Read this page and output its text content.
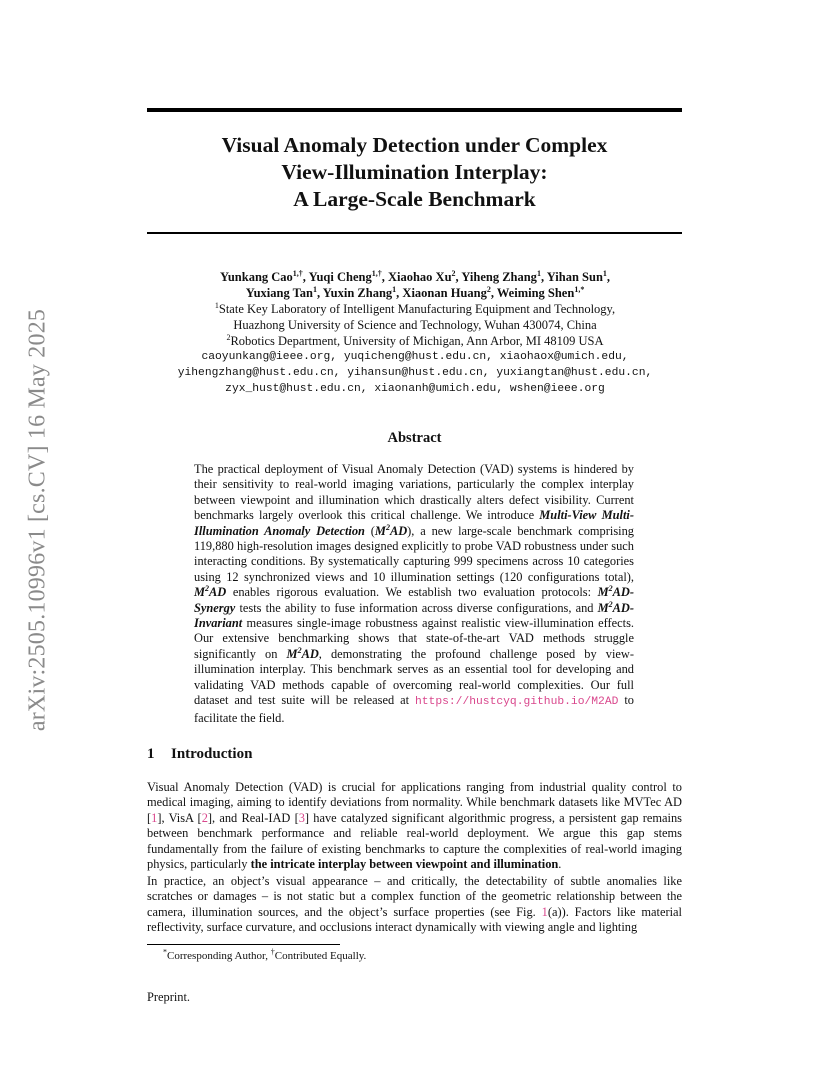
arXiv:2505.10996v1 [cs.CV] 16 May 2025
Visual Anomaly Detection under Complex
View-Illumination Interplay:
A Large-Scale Benchmark
Yunkang Cao$^{1,\dagger}$, Yuqi Cheng$^{1,\dagger}$, Xiaohao Xu$^2$, Yiheng Zhang$^1$, Yihan Sun$^1$,
Yuxiang Tan$^1$, Yuxin Zhang$^1$, Xiaonan Huang$^2$, Weiming Shen$^{1,*}$
$^1$State Key Laboratory of Intelligent Manufacturing Equipment and Technology,
Huazhong University of Science and Technology, Wuhan 430074, China
$^2$Robotics Department, University of Michigan, Ann Arbor, MI 48109 USA
caoyunkang@ieee.org, yuqicheng@hust.edu.cn, xiaohaox@umich.edu,
yihengzhang@hust.edu.cn, yihansun@hust.edu.cn, yuxiangtan@hust.edu.cn,
zyx_hust@hust.edu.cn, xiaonanh@umich.edu, wshen@ieee.org
Abstract
The practical deployment of Visual Anomaly Detection (VAD) systems is hindered by their sensitivity to real-world imaging variations, particularly the complex interplay between viewpoint and illumination which drastically alters defect visibility. Current benchmarks largely overlook this critical challenge. We introduce Multi-View Multi-Illumination Anomaly Detection $(M^2AD)$, a new large-scale benchmark comprising 119,880 high-resolution images designed explicitly to probe VAD robustness under such interacting conditions. By systematically capturing 999 specimens across 10 categories using 12 synchronized views and 10 illumination settings (120 configurations total), $M^2AD$ enables rigorous evaluation. We establish two evaluation protocols: $M^2AD$-Synergy tests the ability to fuse information across diverse configurations, and $M^2AD$-Invariant measures single-image robustness against realistic view-illumination effects. Our extensive benchmarking shows that state-of-the-art VAD methods struggle significantly on $M^2AD$, demonstrating the profound challenge posed by view-illumination interplay. This benchmark serves as an essential tool for developing and validating VAD methods capable of overcoming real-world complexities. Our full dataset and test suite will be released at https://hustcyq.github.io/M2AD to facilitate the field.
1 Introduction
Visual Anomaly Detection (VAD) is crucial for applications ranging from industrial quality control to medical imaging, aiming to identify deviations from normality. While benchmark datasets like MVTec AD [1], VisA [2], and Real-IAD [3] have catalyzed significant algorithmic progress, a persistent gap remains between benchmark performance and reliable real-world deployment. We argue this gap stems fundamentally from the failure of existing benchmarks to capture the complexities of real-world imaging physics, particularly the intricate interplay between viewpoint and illumination.
In practice, an object’s visual appearance – and critically, the detectability of subtle anomalies like scratches or damages – is not static but a complex function of the geometric relationship between the camera, illumination sources, and the object’s surface properties (see Fig. 1(a)). Factors like material reflectivity, surface curvature, and occlusions interact dynamically with viewing angle and lighting
*Corresponding Author, †Contributed Equally.
Preprint.
